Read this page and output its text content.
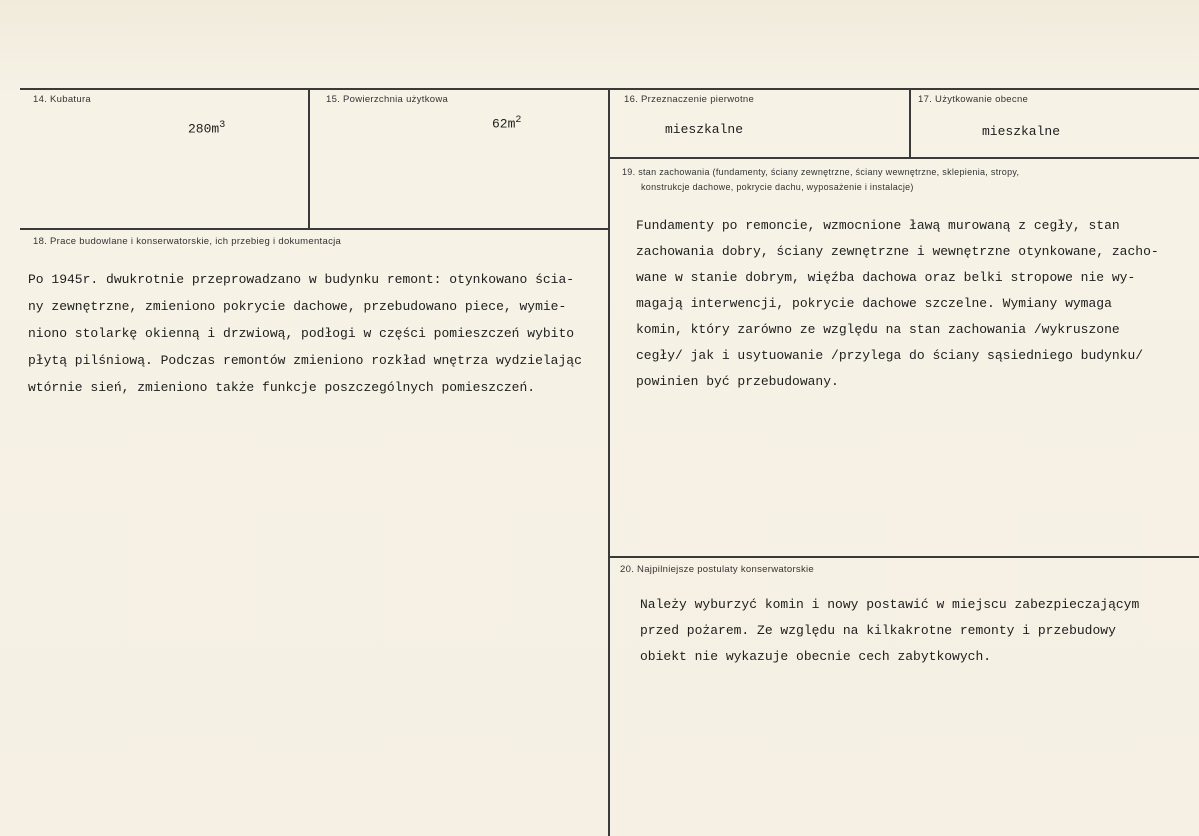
14. Kubatura
$280m^3$
15. Powierzchnia użytkowa
$62m^2$
16. Przeznaczenie pierwotne
mieszkalne
17. Użytkowanie obecne
mieszkalne
18. Prace budowlane i konserwatorskie, ich przebieg i dokumentacja
Po 1945r. dwukrotnie przeprowadzano w budynku remont: otynkowano ścia-
ny zewnętrzne, zmieniono pokrycie dachowe, przebudowano piece, wymie-
niono stolarkę okienną i drzwiową, podłogi w części pomieszczeń wybito
płytą pilśniową. Podczas remontów zmieniono rozkład wnętrza wydzielając
wtórnie sień, zmieniono także funkcje poszczególnych pomieszczeń.
19. stan zachowania (fundamenty, ściany zewnętrzne, ściany wewnętrzne, sklepienia, stropy,
konstrukcje dachowe, pokrycie dachu, wyposażenie i instalacje)
Fundamenty po remoncie, wzmocnione ławą murowaną z cegły, stan
zachowania dobry, ściany zewnętrzne i wewnętrzne otynkowane, zacho-
wane w stanie dobrym, więźba dachowa oraz belki stropowe nie wy-
magają interwencji, pokrycie dachowe szczelne. Wymiany wymaga
komin, który zarówno ze względu na stan zachowania /wykruszone
cegły/ jak i usytuowanie /przylega do ściany sąsiedniego budynku/
powinien być przebudowany.
20. Najpilniejsze postulaty konserwatorskie
Należy wyburzyć komin i nowy postawić w miejscu zabezpieczającym
przed pożarem. Ze względu na kilkakrotne remonty i przebudowy
obiekt nie wykazuje obecnie cech zabytkowych.
